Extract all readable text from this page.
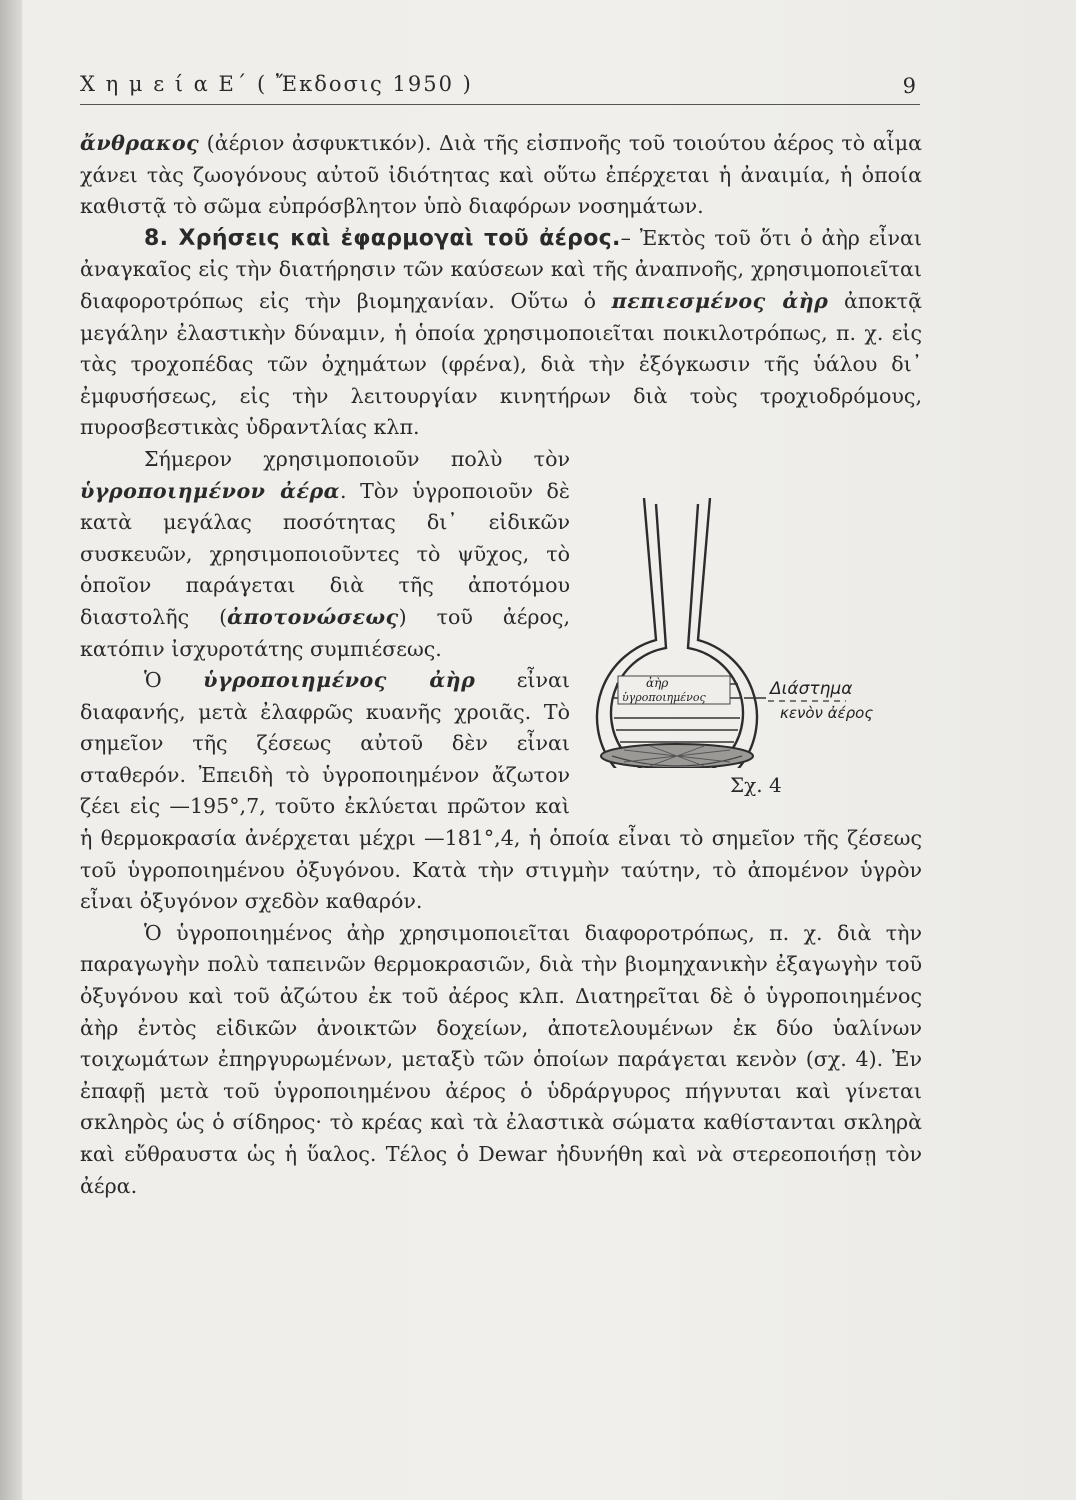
Χ η μ ε ί α Ε΄ ( Ἔκδοσις 1950 )	9

ἄνθρακος (ἀέριον ἀσφυκτικόν). Διὰ τῆς εἰσπνοῆς τοῦ τοιούτου ἀέρος τὸ αἷμα χάνει τὰς ζωογόνους αὐτοῦ ἰδιότητας καὶ οὕτω ἐπέρχεται ἡ ἀναιμία, ἡ ὁποία καθιστᾷ τὸ σῶμα εὐπρόσβλητον ὑπὸ διαφόρων νοσημάτων.

8. Χρήσεις καὶ ἐφαρμογαὶ τοῦ ἀέρος.– Ἐκτὸς τοῦ ὅτι ὁ ἀὴρ εἶναι ἀναγκαῖος εἰς τὴν διατήρησιν τῶν καύσεων καὶ τῆς ἀναπνοῆς, χρησιμοποιεῖται διαφοροτρόπως εἰς τὴν βιομηχανίαν. Οὕτω ὁ πεπιεσμένος ἀὴρ ἀποκτᾷ μεγάλην ἐλαστικὴν δύναμιν, ἡ ὁποία χρησιμοποιεῖται ποικιλοτρόπως, π. χ. εἰς τὰς τροχοπέδας τῶν ὀχημάτων (φρένα), διὰ τὴν ἐξόγκωσιν τῆς ὑάλου δι᾿ ἐμφυσήσεως, εἰς τὴν λειτουργίαν κινητήρων διὰ τοὺς τροχιοδρόμους, πυροσβεστικὰς ὑδραντλίας κλπ.

ἀὴρ
ὑγροποιημένος	Διάστημα
κενὸν ἀέρος
Σχ. 4

Σήμερον χρησιμοποιοῦν πολὺ τὸν ὑγροποιημένον ἀέρα. Τὸν ὑγροποιοῦν δὲ κατὰ μεγάλας ποσότητας δι᾿ εἰδικῶν συσκευῶν, χρησιμοποιοῦντες τὸ ψῦχος, τὸ ὁποῖον παράγεται διὰ τῆς ἀποτόμου διαστολῆς (ἀποτονώσεως) τοῦ ἀέρος, κατόπιν ἰσχυροτάτης συμπιέσεως.

Ὁ ὑγροποιημένος ἀὴρ εἶναι διαφανής, μετὰ ἐλαφρῶς κυανῆς χροιᾶς. Τὸ σημεῖον τῆς ζέσεως αὐτοῦ δὲν εἶναι σταθερόν. Ἐπειδὴ τὸ ὑγροποιημένον ἄζωτον ζέει εἰς —195°,7, τοῦτο ἐκλύεται πρῶτον καὶ ἡ θερμοκρασία ἀνέρχεται μέχρι —181°,4, ἡ ὁποία εἶναι τὸ σημεῖον τῆς ζέσεως τοῦ ὑγροποιημένου ὀξυγόνου. Κατὰ τὴν στιγμὴν ταύτην, τὸ ἀπομένον ὑγρὸν εἶναι ὀξυγόνον σχεδὸν καθαρόν.

Ὁ ὑγροποιημένος ἀὴρ χρησιμοποιεῖται διαφοροτρόπως, π. χ. διὰ τὴν παραγωγὴν πολὺ ταπεινῶν θερμοκρασιῶν, διὰ τὴν βιομηχανικὴν ἐξαγωγὴν τοῦ ὀξυγόνου καὶ τοῦ ἀζώτου ἐκ τοῦ ἀέρος κλπ. Διατηρεῖται δὲ ὁ ὑγροποιημένος ἀὴρ ἐντὸς εἰδικῶν ἀνοικτῶν δοχείων, ἀποτελουμένων ἐκ δύο ὑαλίνων τοιχωμάτων ἐπηργυρωμένων, μεταξὺ τῶν ὁποίων παράγεται κενὸν (σχ. 4). Ἐν ἐπαφῇ μετὰ τοῦ ὑγροποιημένου ἀέρος ὁ ὑδράργυρος πήγνυται καὶ γίνεται σκληρὸς ὡς ὁ σίδηρος· τὸ κρέας καὶ τὰ ἐλαστικὰ σώματα καθίστανται σκληρὰ καὶ εὔθραυστα ὡς ἡ ὕαλος. Τέλος ὁ Dewar ἠδυνήθη καὶ νὰ στερεοποιήσῃ τὸν ἀέρα.
